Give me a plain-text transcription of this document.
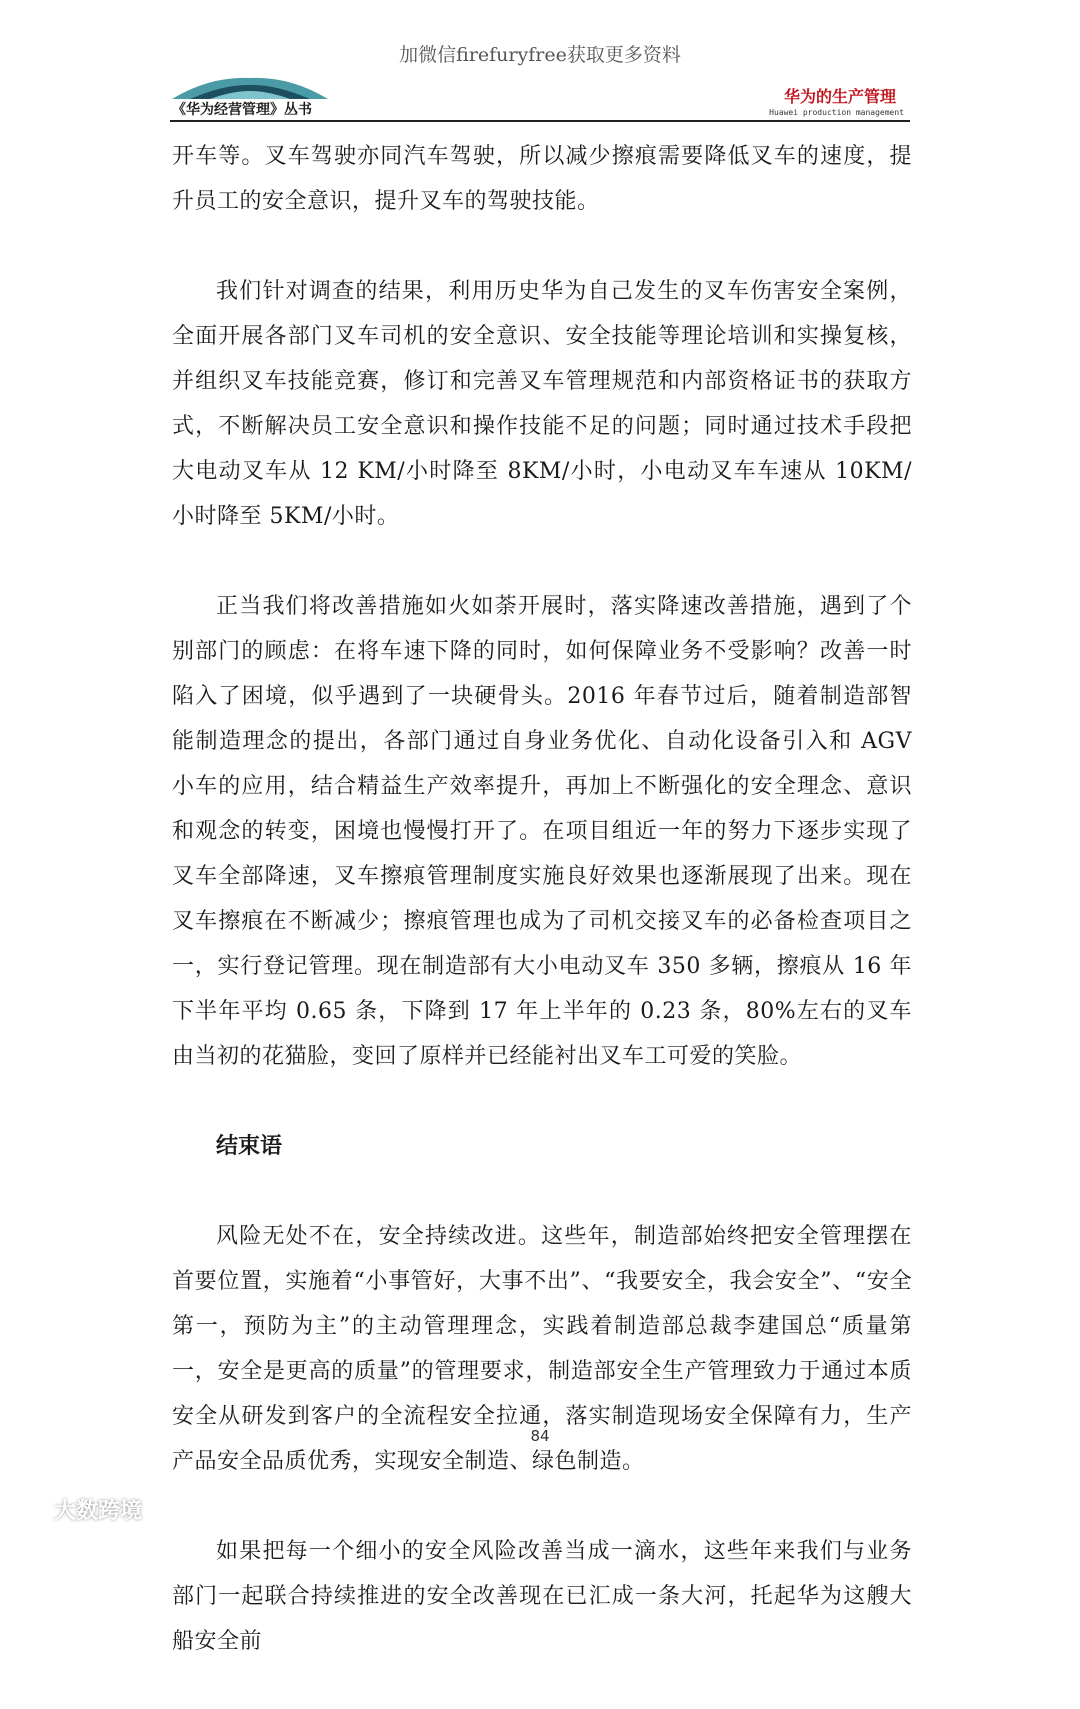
加微信firefuryfree获取更多资料
《华为经营管理》丛书
华为的生产管理
Huawei production management

开车等。叉车驾驶亦同汽车驾驶，所以减少擦痕需要降低叉车的速度，提升员工的安全意识，提升叉车的驾驶技能。

我们针对调查的结果，利用历史华为自己发生的叉车伤害安全案例，全面开展各部门叉车司机的安全意识、安全技能等理论培训和实操复核，并组织叉车技能竞赛，修订和完善叉车管理规范和内部资格证书的获取方式，不断解决员工安全意识和操作技能不足的问题；同时通过技术手段把大电动叉车从 12 KM/小时降至 8KM/小时，小电动叉车车速从 10KM/小时降至 5KM/小时。

正当我们将改善措施如火如荼开展时，落实降速改善措施，遇到了个别部门的顾虑：在将车速下降的同时，如何保障业务不受影响？改善一时陷入了困境，似乎遇到了一块硬骨头。2016 年春节过后，随着制造部智能制造理念的提出，各部门通过自身业务优化、自动化设备引入和 AGV 小车的应用，结合精益生产效率提升，再加上不断强化的安全理念、意识和观念的转变，困境也慢慢打开了。在项目组近一年的努力下逐步实现了叉车全部降速，叉车擦痕管理制度实施良好效果也逐渐展现了出来。现在叉车擦痕在不断减少；擦痕管理也成为了司机交接叉车的必备检查项目之一，实行登记管理。现在制造部有大小电动叉车 350 多辆，擦痕从 16 年下半年平均 0.65 条，下降到 17 年上半年的 0.23 条，80%左右的叉车由当初的花猫脸，变回了原样并已经能衬出叉车工可爱的笑脸。

结束语

风险无处不在，安全持续改进。这些年，制造部始终把安全管理摆在首要位置，实施着“小事管好，大事不出”、“我要安全，我会安全”、“安全第一，预防为主”的主动管理理念，实践着制造部总裁李建国总“质量第一，安全是更高的质量”的管理要求，制造部安全生产管理致力于通过本质安全从研发到客户的全流程安全拉通，落实制造现场安全保障有力，生产产品安全品质优秀，实现安全制造、绿色制造。

如果把每一个细小的安全风险改善当成一滴水，这些年来我们与业务部门一起联合持续推进的安全改善现在已汇成一条大河，托起华为这艘大船安全前

84
大数跨境
